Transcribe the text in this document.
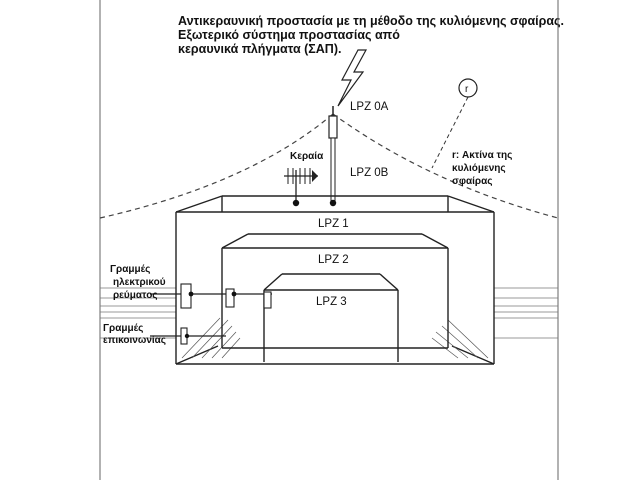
Αντικεραυνική προστασία με τη μέθοδο της κυλιόμενης σφαίρας.
Εξωτερικό σύστημα προστασίας από
κεραυνικά πλήγματα (ΣΑΠ).
LPZ 0A
LPZ 0B
Κεραία
r
r: Ακτίνα της
κυλιόμενης
σφαίρας
LPZ 1
LPZ 2
LPZ 3
Γραμμές
ηλεκτρικού
ρεύματος
Γραμμές
επικοινωνίας
